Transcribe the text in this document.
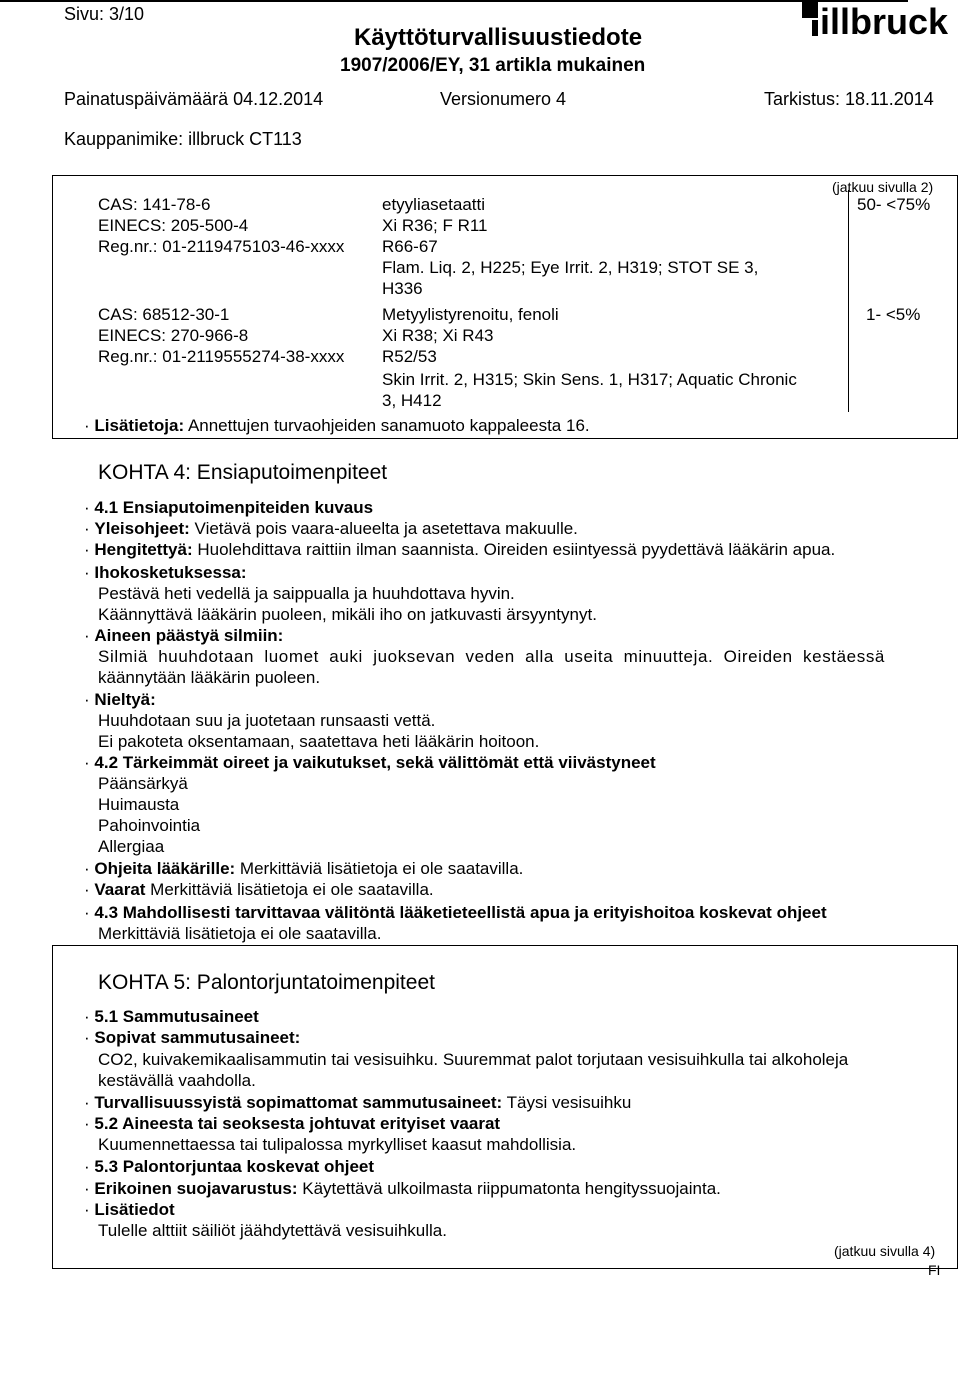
Sivu: 3/10
Käyttöturvallisuustiedote
1907/2006/EY, 31 artikla mukainen
illbruck
Painatuspäivämäärä 04.12.2014	Versionumero 4	Tarkistus: 18.11.2014
Kauppanimike: illbruck CT113
(jatkuu sivulla 2)
CAS: 141-78-6
EINECS: 205-500-4
Reg.nr.: 01-2119475103-46-xxxx
etyyliasetaatti
Xi R36; F R11
R66-67
Flam. Liq. 2, H225; Eye Irrit. 2, H319; STOT SE 3,
H336
50- <75%
CAS: 68512-30-1
EINECS: 270-966-8
Reg.nr.: 01-2119555274-38-xxxx
Metyylistyrenoitu, fenoli
Xi R38; Xi R43
R52/53
Skin Irrit. 2, H315; Skin Sens. 1, H317; Aquatic Chronic
3, H412
1- <5%
· Lisätietoja: Annettujen turvaohjeiden sanamuoto kappaleesta 16.
KOHTA 4: Ensiaputoimenpiteet
· 4.1 Ensiaputoimenpiteiden kuvaus
· Yleisohjeet: Vietävä pois vaara-alueelta ja asetettava makuulle.
· Hengitettyä: Huolehdittava raittiin ilman saannista. Oireiden esiintyessä pyydettävä lääkärin apua.
· Ihokosketuksessa:
Pestävä heti vedellä ja saippualla ja huuhdottava hyvin.
Käännyttävä lääkärin puoleen, mikäli iho on jatkuvasti ärsyyntynyt.
· Aineen päästyä silmiin:
Silmiä huuhdotaan luomet auki juoksevan veden alla useita minuutteja. Oireiden kestäessä
käännytään lääkärin puoleen.
· Nieltyä:
Huuhdotaan suu ja juotetaan runsaasti vettä.
Ei pakoteta oksentamaan, saatettava heti lääkärin hoitoon.
· 4.2 Tärkeimmät oireet ja vaikutukset, sekä välittömät että viivästyneet
Päänsärkyä
Huimausta
Pahoinvointia
Allergiaa
· Ohjeita lääkärille: Merkittäviä lisätietoja ei ole saatavilla.
· Vaarat Merkittäviä lisätietoja ei ole saatavilla.
· 4.3 Mahdollisesti tarvittavaa välitöntä lääketieteellistä apua ja erityishoitoa koskevat ohjeet
Merkittäviä lisätietoja ei ole saatavilla.
KOHTA 5: Palontorjuntatoimenpiteet
· 5.1 Sammutusaineet
· Sopivat sammutusaineet:
CO2, kuivakemikaalisammutin tai vesisuihku. Suuremmat palot torjutaan vesisuihkulla tai alkoholeja
kestävällä vaahdolla.
· Turvallisuussyistä sopimattomat sammutusaineet: Täysi vesisuihku
· 5.2 Aineesta tai seoksesta johtuvat erityiset vaarat
Kuumennettaessa tai tulipalossa myrkylliset kaasut mahdollisia.
· 5.3 Palontorjuntaa koskevat ohjeet
· Erikoinen suojavarustus: Käytettävä ulkoilmasta riippumatonta hengityssuojainta.
· Lisätiedot
Tulelle alttiit säiliöt jäähdytettävä vesisuihkulla.
(jatkuu sivulla 4)
FI
